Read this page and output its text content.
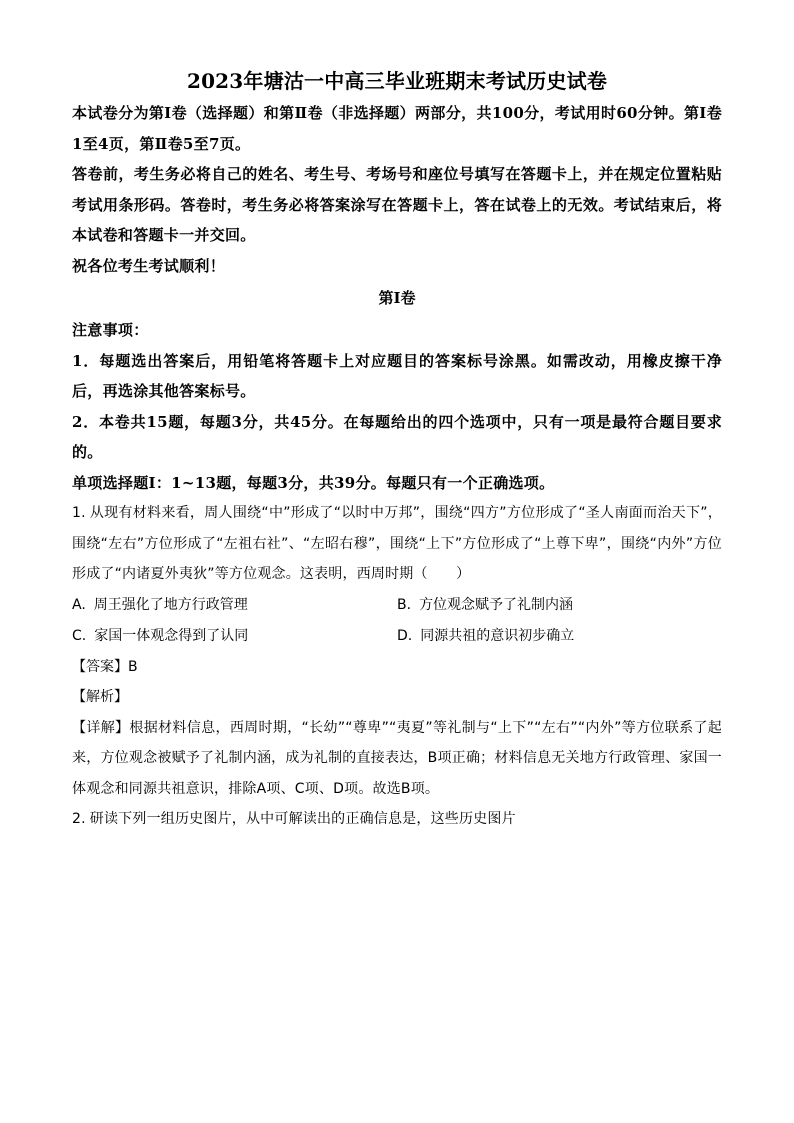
2023年塘沽一中高三毕业班期末考试历史试卷

本试卷分为第Ⅰ卷（选择题）和第Ⅱ卷（非选择题）两部分，共100分，考试用时60分钟。第Ⅰ卷1至4页，第Ⅱ卷5至7页。

答卷前，考生务必将自己的姓名、考生号、考场号和座位号填写在答题卡上，并在规定位置粘贴考试用条形码。答卷时，考生务必将答案涂写在答题卡上，答在试卷上的无效。考试结束后，将本试卷和答题卡一并交回。

祝各位考生考试顺利！

第Ⅰ卷

注意事项：

1．每题选出答案后，用铅笔将答题卡上对应题目的答案标号涂黑。如需改动，用橡皮擦干净后，再选涂其他答案标号。

2．本卷共15题，每题3分，共45分。在每题给出的四个选项中，只有一项是最符合题目要求的。

单项选择题Ⅰ：1~13题，每题3分，共39分。每题只有一个正确选项。

1. 从现有材料来看，周人围绕“中”形成了“以时中万邦”，围绕“四方”方位形成了“圣人南面而治天下”，围绕“左右”方位形成了“左祖右社”、“左昭右穆”，围绕“上下”方位形成了“上尊下卑”，围绕“内外”方位形成了“内诸夏外夷狄”等方位观念。这表明，西周时期（　　）

A. 周王强化了地方行政管理	B. 方位观念赋予了礼制内涵
C. 家国一体观念得到了认同	D. 同源共祖的意识初步确立

【答案】B

【解析】

【详解】根据材料信息，西周时期，“长幼”“尊卑”“夷夏”等礼制与“上下”“左右”“内外”等方位联系了起来，方位观念被赋予了礼制内涵，成为礼制的直接表达，B项正确；材料信息无关地方行政管理、家国一体观念和同源共祖意识，排除A项、C项、D项。故选B项。

2. 研读下列一组历史图片，从中可解读出的正确信息是，这些历史图片
